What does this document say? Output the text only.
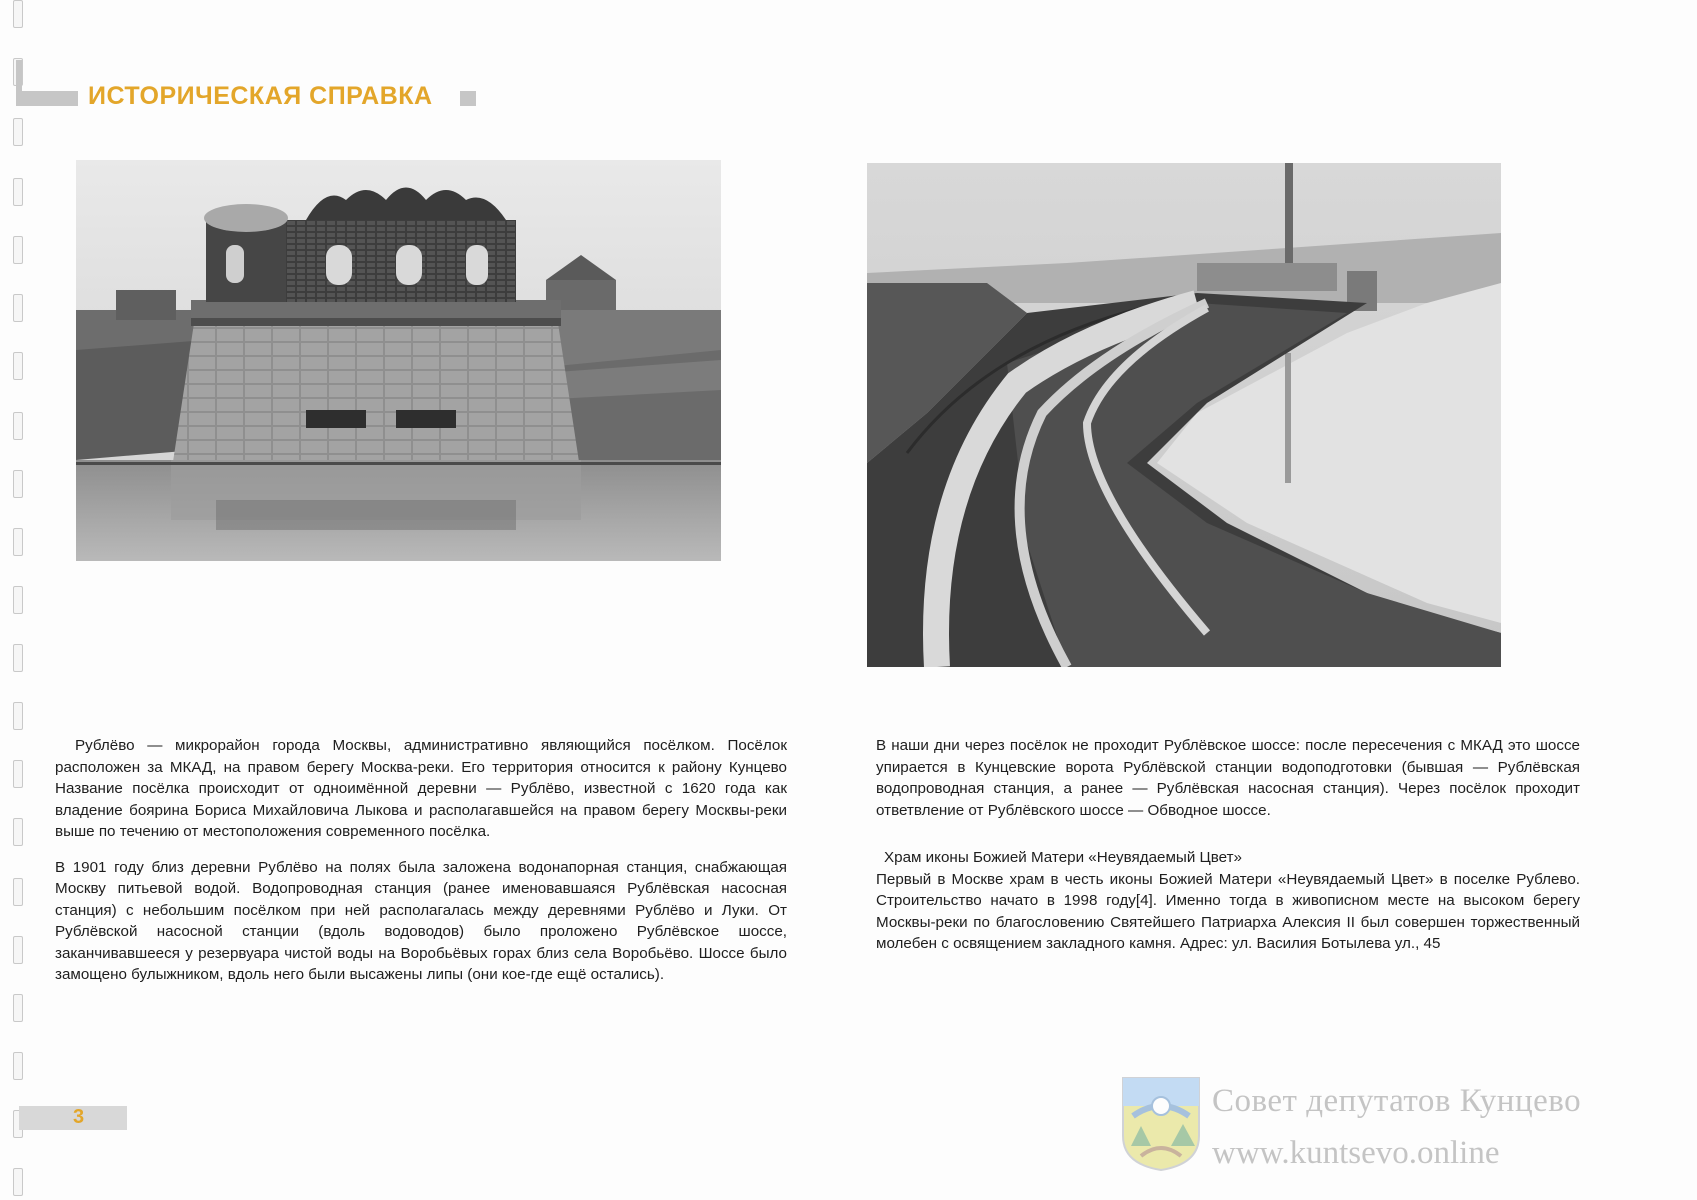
ИСТОРИЧЕСКАЯ СПРАВКА

Рублёво — микрорайон города Москвы, административно являющийся посёлком. Посёлок расположен за МКАД, на правом берегу Москва-реки. Его территория относится к району Кунцево Название посёлка происходит от одноимённой деревни — Рублёво, известной с 1620 года как владение боярина Бориса Михайловича Лыкова и располагавшейся на правом берегу Москвы-реки выше по течению от местоположения современного посёлка.

В 1901 году близ деревни Рублёво на полях была заложена водонапорная станция, снабжающая Москву питьевой водой. Водопроводная станция (ранее именовавшаяся Рублёвская насосная станция) с небольшим посёлком при ней располагалась между деревнями Рублёво и Луки. От Рублёвской насосной станции (вдоль водоводов) было проложено Рублёвское шоссе, заканчивавшееся у резервуара чистой воды на Воробьёвых горах близ села Воробьёво. Шоссе было замощено булыжником, вдоль него были высажены липы (они кое-где ещё остались).

В наши дни через посёлок не проходит Рублёвское шоссе: после пересечения с МКАД это шоссе упирается в Кунцевские ворота Рублёвской станции водоподготовки (бывшая — Рублёвская водопроводная станция, а ранее — Рублёвская насосная станция). Через посёлок проходит ответвление от Рублёвского шоссе — Обводное шоссе.

Храм иконы Божией Матери «Неувядаемый Цвет»

Первый в Москве храм в честь иконы Божией Матери «Неувядаемый Цвет» в поселке Рублево. Строительство начато в 1998 году[4]. Именно тогда в живописном месте на высоком берегу Москвы-реки по благословению Святейшего Патриарха Алексия II был совершен торжественный молебен с освящением закладного камня. Адрес: ул. Василия Ботылева ул., 45

3	Совет депутатов Кунцево
www.kuntsevo.online
